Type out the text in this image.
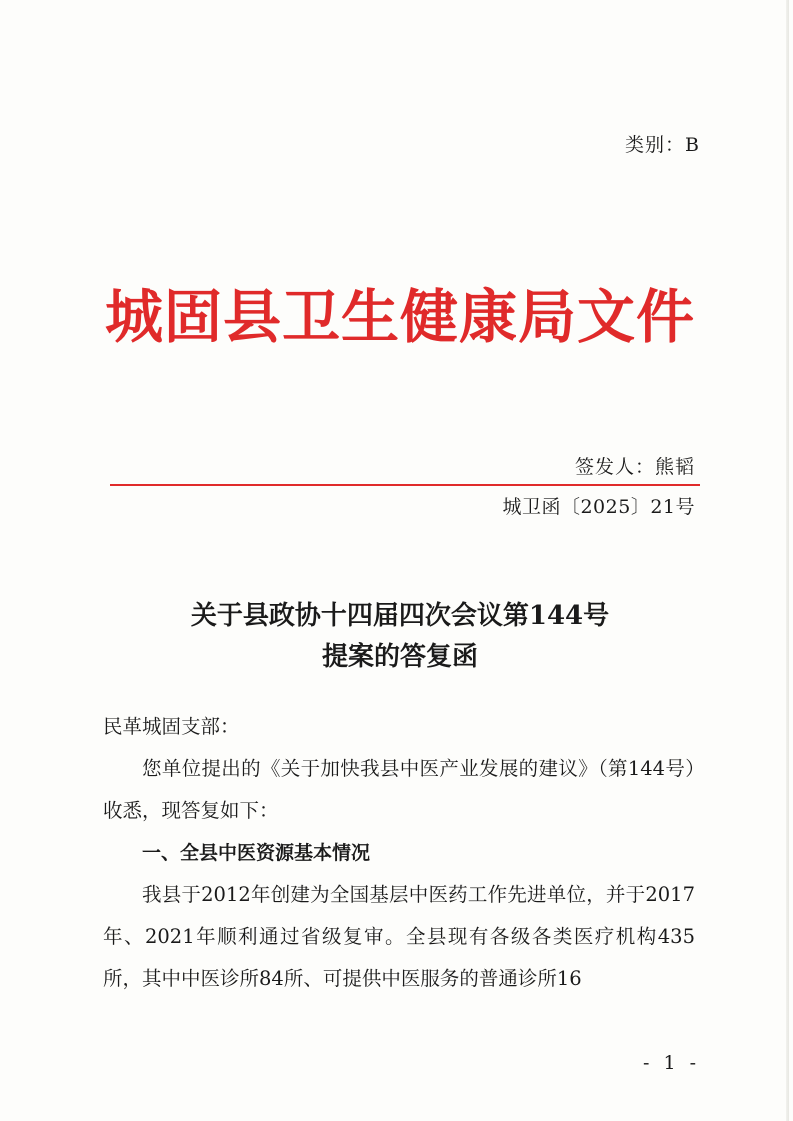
类别：B
城固县卫生健康局文件
签发人：熊韬
城卫函〔2025〕21号
关于县政协十四届四次会议第144号
提案的答复函

民革城固支部：

您单位提出的《关于加快我县中医产业发展的建议》（第144号）收悉，现答复如下：

一、全县中医资源基本情况

我县于2012年创建为全国基层中医药工作先进单位，并于2017年、2021年顺利通过省级复审。全县现有各级各类医疗机构435所，其中中医诊所84所、可提供中医服务的普通诊所16

- 1 -
